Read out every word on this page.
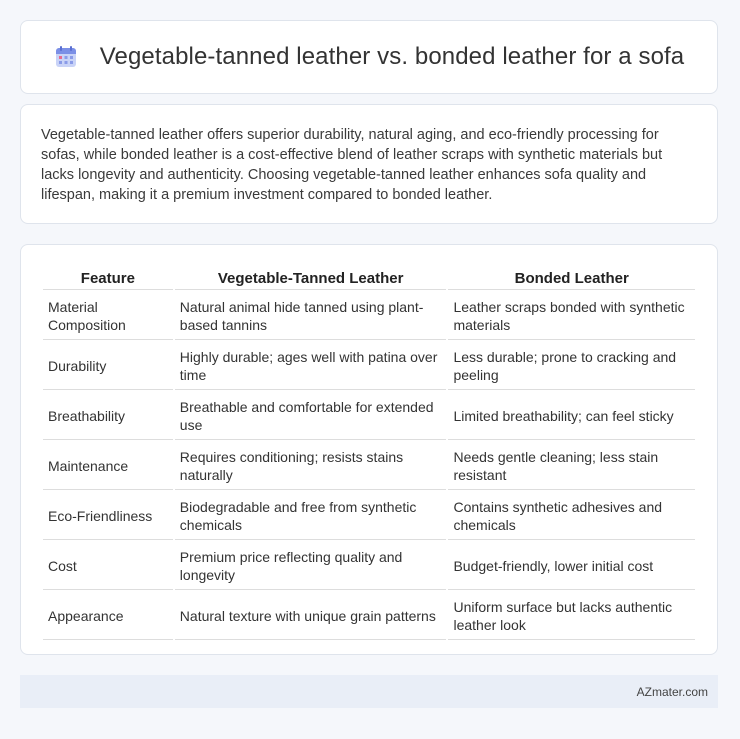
Vegetable-tanned leather vs. bonded leather for a sofa

Vegetable-tanned leather offers superior durability, natural aging, and eco-friendly processing for sofas, while bonded leather is a cost-effective blend of leather scraps with synthetic materials but lacks longevity and authenticity. Choosing vegetable-tanned leather enhances sofa quality and lifespan, making it a premium investment compared to bonded leather.

Feature	Vegetable-Tanned Leather	Bonded Leather
Material Composition	Natural animal hide tanned using plant-based tannins	Leather scraps bonded with synthetic materials
Durability	Highly durable; ages well with patina over time	Less durable; prone to cracking and peeling
Breathability	Breathable and comfortable for extended use	Limited breathability; can feel sticky
Maintenance	Requires conditioning; resists stains naturally	Needs gentle cleaning; less stain resistant
Eco-Friendliness	Biodegradable and free from synthetic chemicals	Contains synthetic adhesives and chemicals
Cost	Premium price reflecting quality and longevity	Budget-friendly, lower initial cost
Appearance	Natural texture with unique grain patterns	Uniform surface but lacks authentic leather look
AZmater.com
